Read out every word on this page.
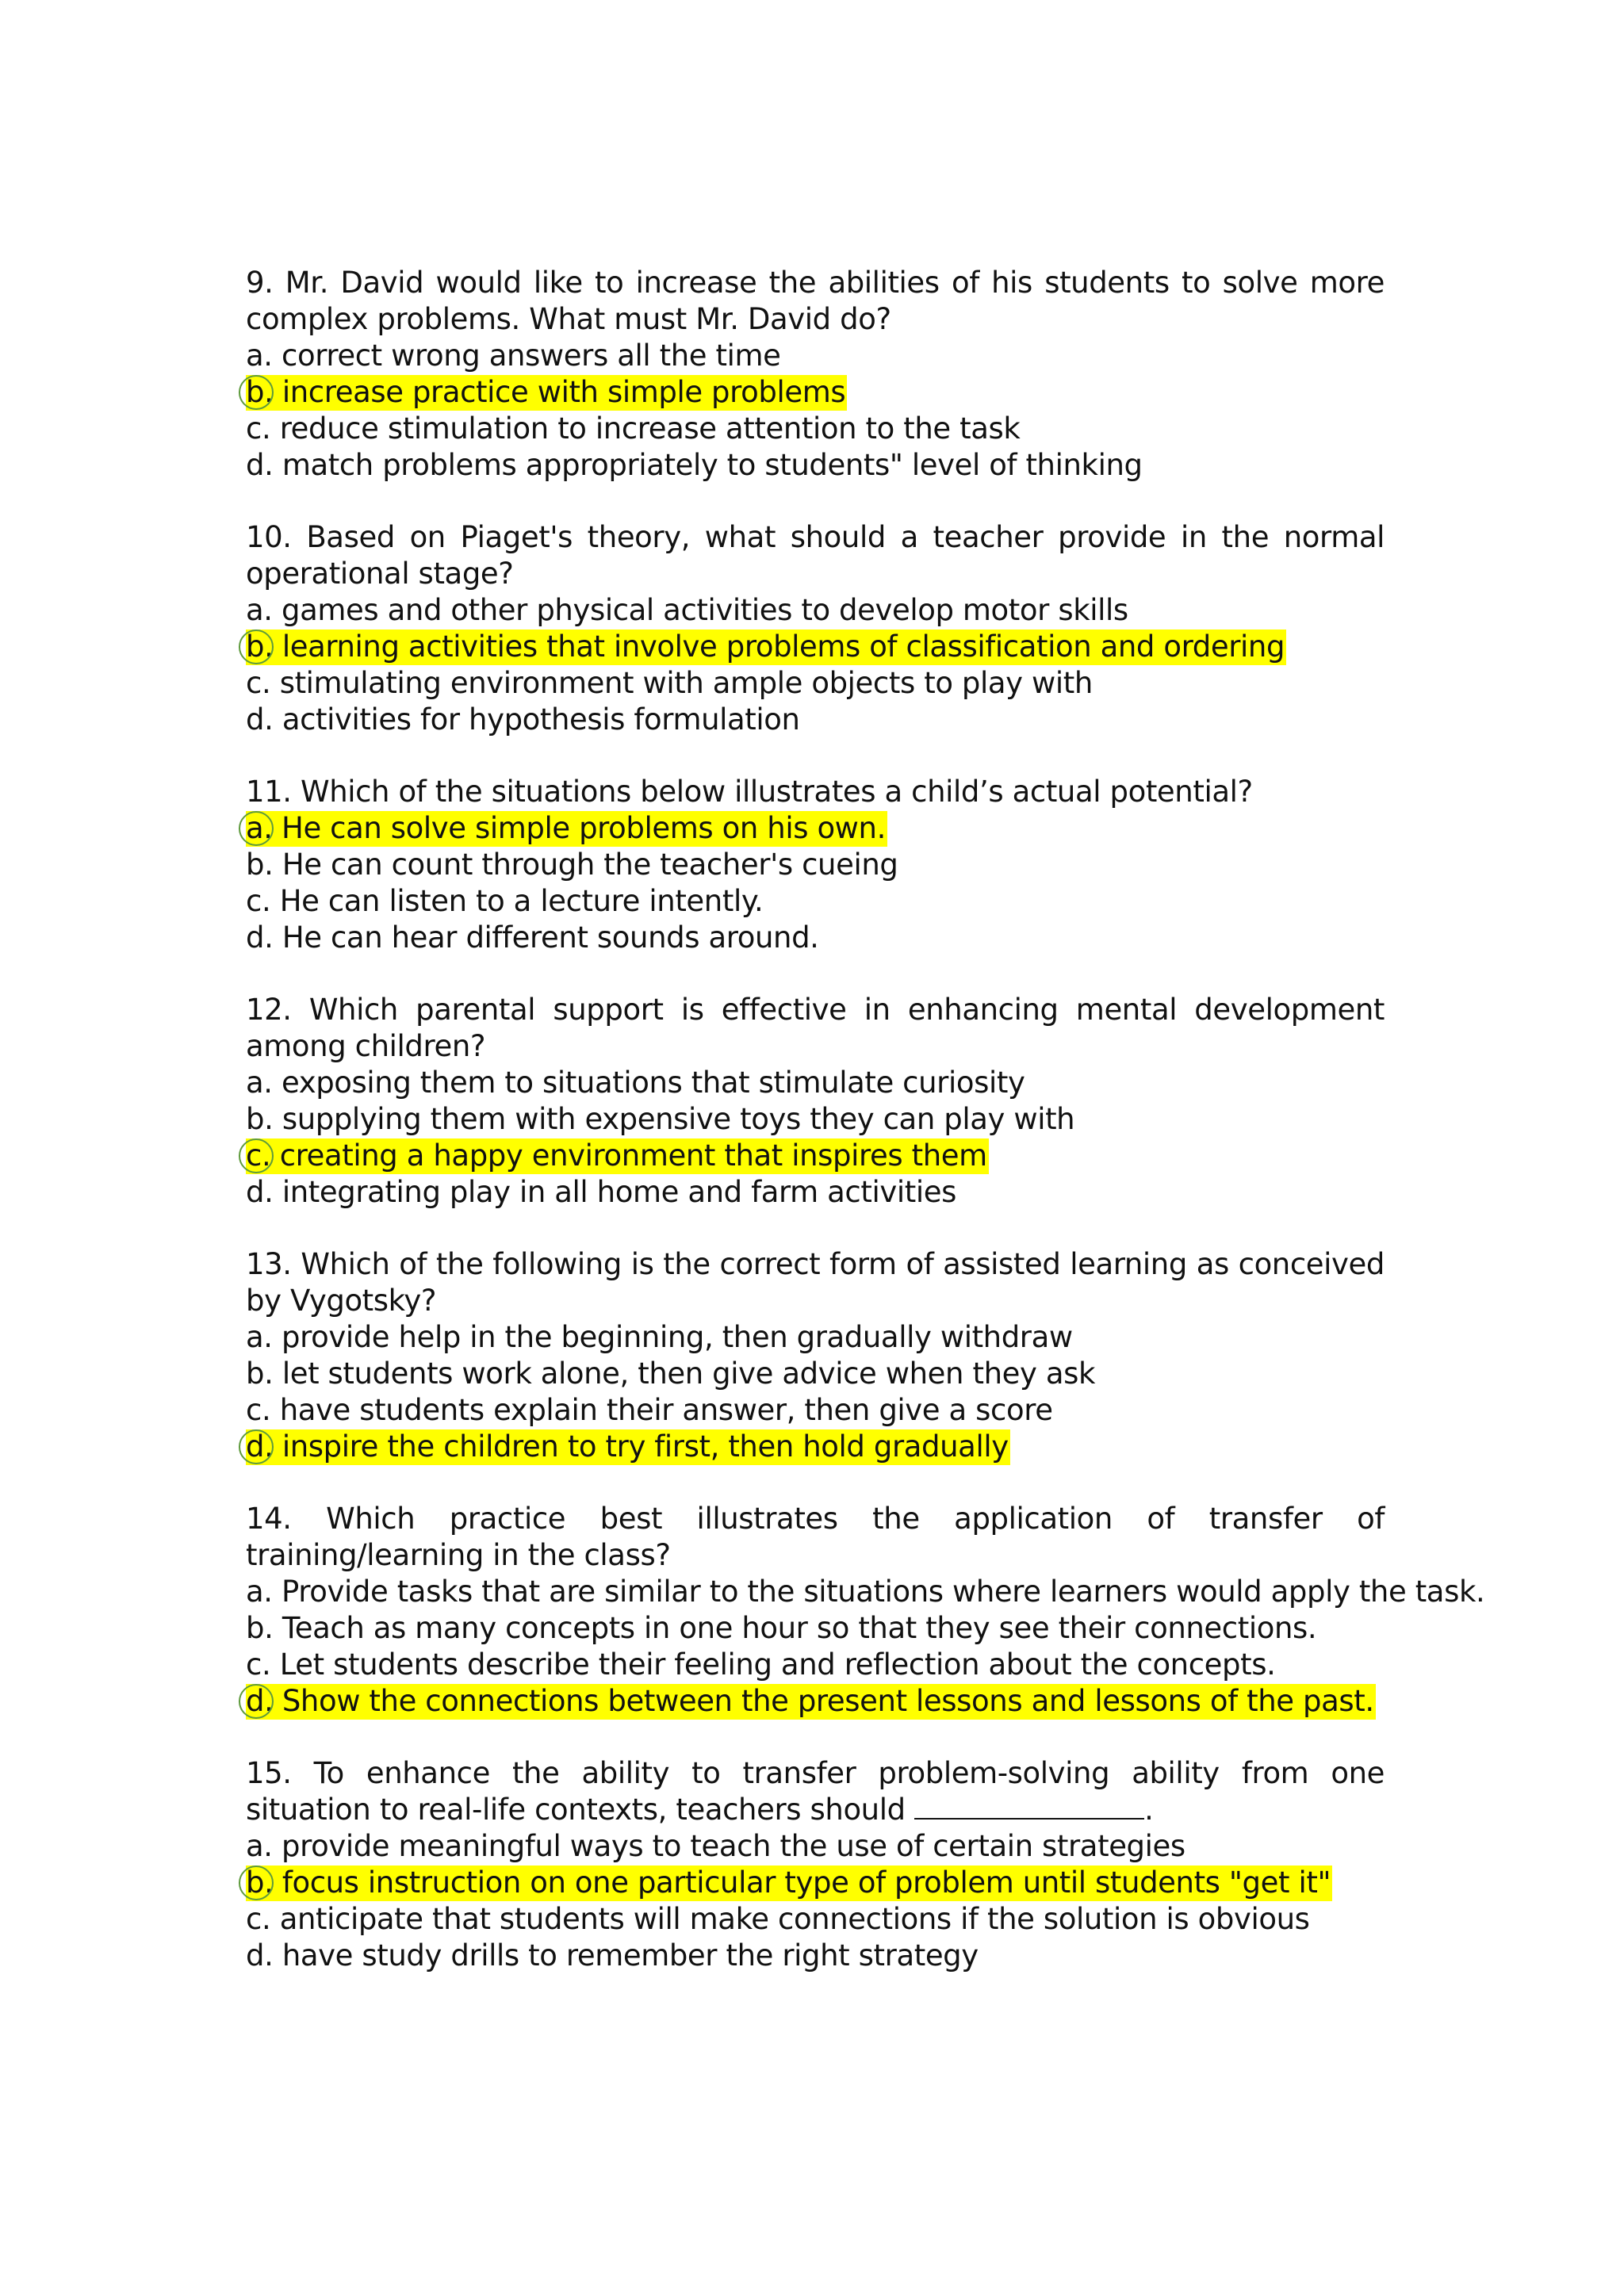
9. Mr. David would like to increase the abilities of his students to solve more complex problems. What must Mr. David do?
a. correct wrong answers all the time
b. increase practice with simple problems
c. reduce stimulation to increase attention to the task
d. match problems appropriately to students" level of thinking
10. Based on Piaget's theory, what should a teacher provide in the normal operational stage?
a. games and other physical activities to develop motor skills
b. learning activities that involve problems of classification and ordering
c. stimulating environment with ample objects to play with
d. activities for hypothesis formulation
11. Which of the situations below illustrates a child’s actual potential?
a. He can solve simple problems on his own.
b. He can count through the teacher's cueing
c. He can listen to a lecture intently.
d. He can hear different sounds around.
12. Which parental support is effective in enhancing mental development among children?
a. exposing them to situations that stimulate curiosity
b. supplying them with expensive toys they can play with
c. creating a happy environment that inspires them
d. integrating play in all home and farm activities
13. Which of the following is the correct form of assisted learning as conceived by Vygotsky?
a. provide help in the beginning, then gradually withdraw
b. let students work alone, then give advice when they ask
c. have students explain their answer, then give a score
d. inspire the children to try first, then hold gradually
14. Which practice best illustrates the application of transfer of training/learning in the class?
a. Provide tasks that are similar to the situations where learners would apply the task.
b. Teach as many concepts in one hour so that they see their connections.
c. Let students describe their feeling and reflection about the concepts.
d. Show the connections between the present lessons and lessons of the past.
15. To enhance the ability to transfer problem-solving ability from one situation to real-life contexts, teachers should	.
a. provide meaningful ways to teach the use of certain strategies
b. focus instruction on one particular type of problem until students "get it"
c. anticipate that students will make connections if the solution is obvious
d. have study drills to remember the right strategy
